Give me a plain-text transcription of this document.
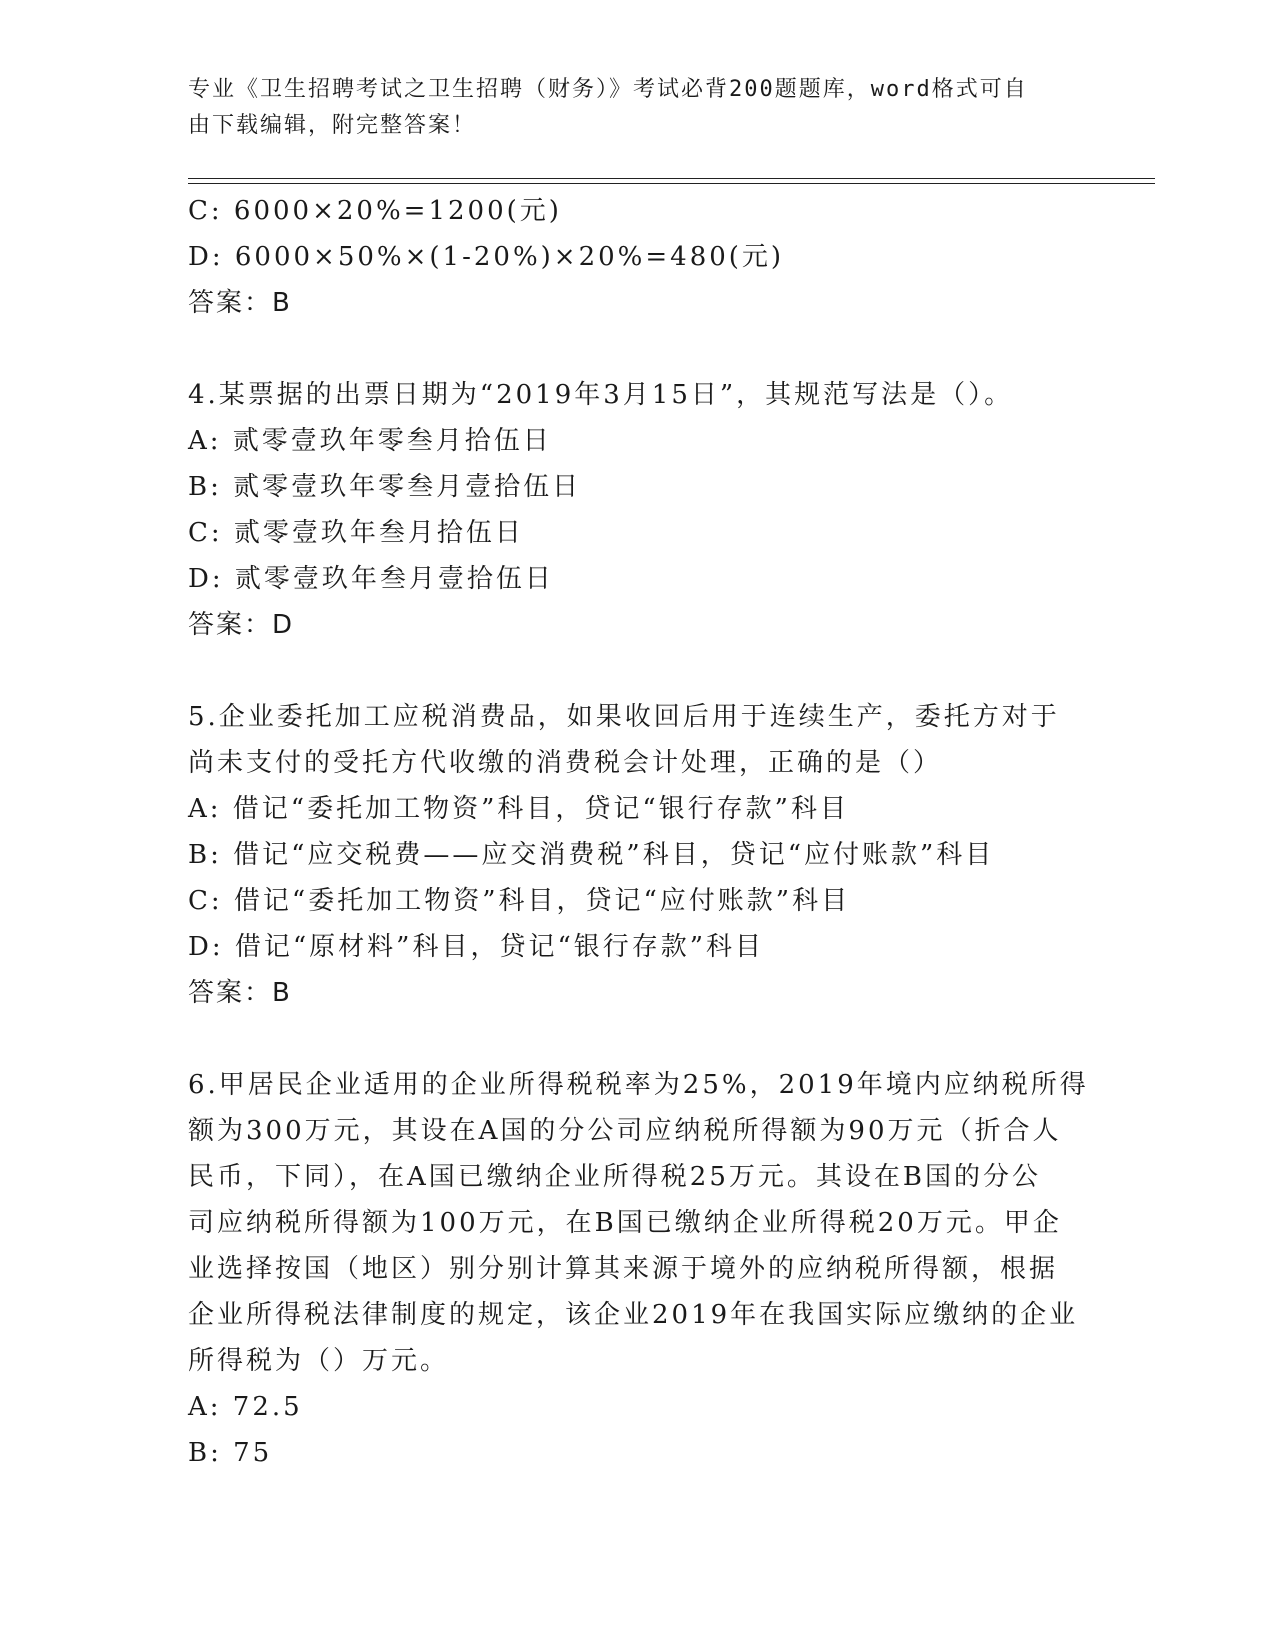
专业《卫生招聘考试之卫生招聘（财务）》考试必背200题题库，word格式可自
由下载编辑，附完整答案！
C: 6000×20%=1200(元)
D: 6000×50%×(1-20%)×20%=480(元)
答案：B
4.某票据的出票日期为“2019年3月15日”，其规范写法是（）。
A: 贰零壹玖年零叁月拾伍日
B: 贰零壹玖年零叁月壹拾伍日
C: 贰零壹玖年叁月拾伍日
D: 贰零壹玖年叁月壹拾伍日
答案：D
5.企业委托加工应税消费品，如果收回后用于连续生产，委托方对于
尚未支付的受托方代收缴的消费税会计处理，正确的是（）
A: 借记“委托加工物资”科目，贷记“银行存款”科目
B: 借记“应交税费——应交消费税”科目，贷记“应付账款”科目
C: 借记“委托加工物资”科目，贷记“应付账款”科目
D: 借记“原材料”科目，贷记“银行存款”科目
答案：B
6.甲居民企业适用的企业所得税税率为25%，2019年境内应纳税所得
额为300万元，其设在A国的分公司应纳税所得额为90万元（折合人
民币，下同），在A国已缴纳企业所得税25万元。其设在B国的分公
司应纳税所得额为100万元，在B国已缴纳企业所得税20万元。甲企
业选择按国（地区）别分别计算其来源于境外的应纳税所得额，根据
企业所得税法律制度的规定，该企业2019年在我国实际应缴纳的企业
所得税为（）万元。
A: 72.5
B: 75
